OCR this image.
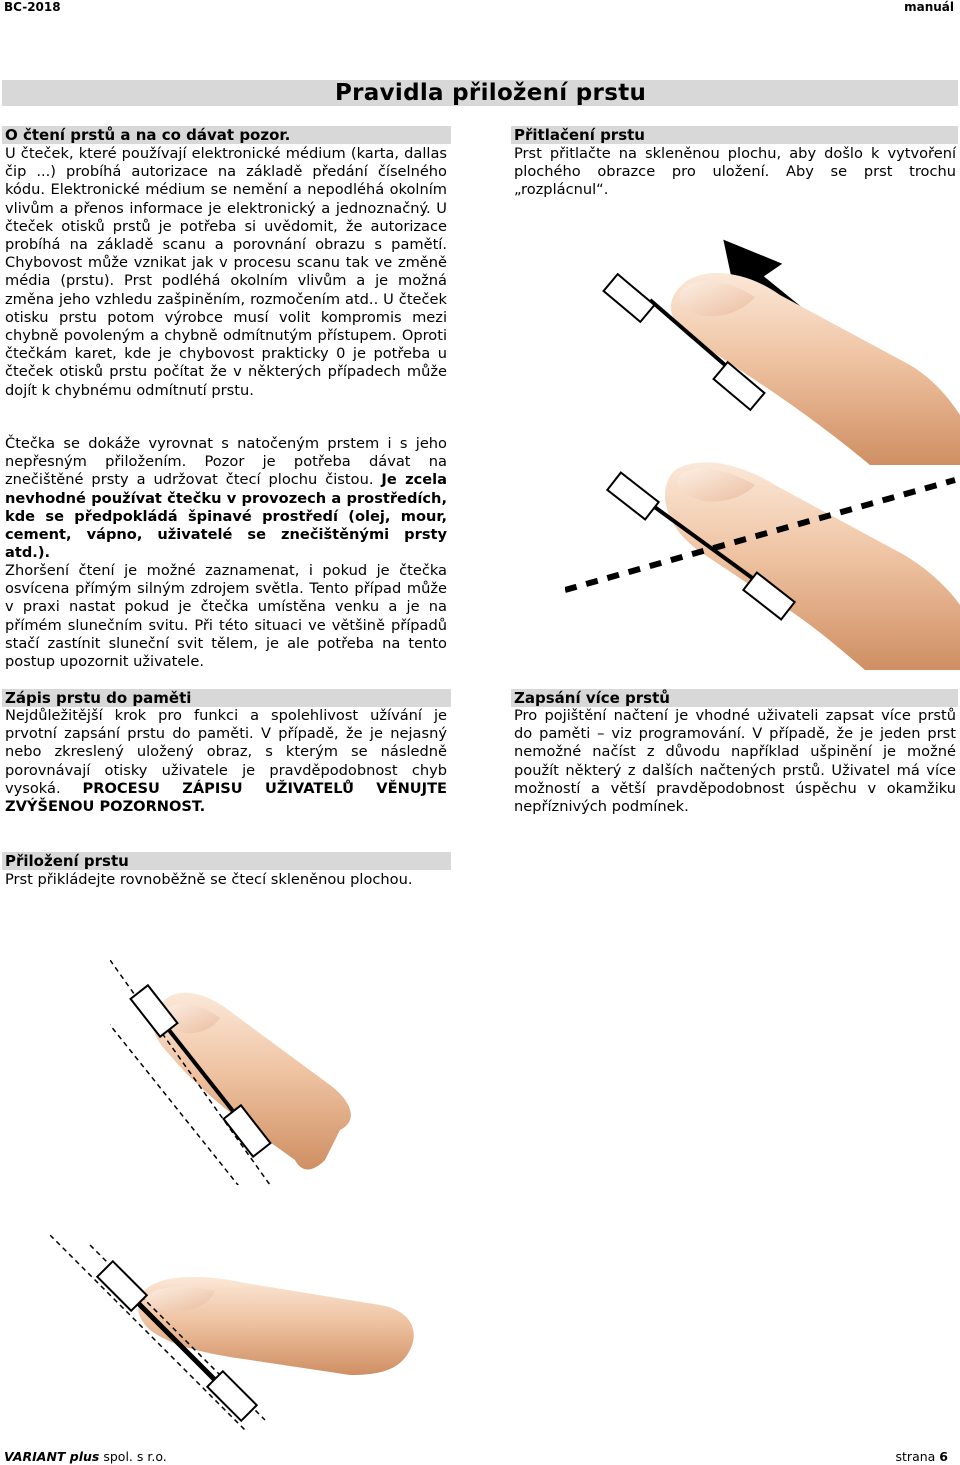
BC-2018	manuál
Pravidla přiložení prstu
O čtení prstů a na co dávat pozor.
U čteček, které používají elektronické médium (karta, dallas čip ...) probíhá autorizace na základě předání číselného kódu. Elektronické médium se nemění a nepodléhá okolním vlivům a přenos informace je elektronický a jednoznačný. U čteček otisků prstů je potřeba si uvědomit, že autorizace probíhá na základě scanu a porovnání obrazu s pamětí. Chybovost může vznikat jak v procesu scanu tak ve změně média (prstu). Prst podléhá okolním vlivům a je možná změna jeho vzhledu zašpiněním, rozmočením atd.. U čteček otisku prstu potom výrobce musí volit kompromis mezi chybně povoleným a chybně odmítnutým přístupem. Oproti čtečkám karet, kde je chybovost prakticky 0 je potřeba u čteček otisků prstu počítat že v některých případech může dojít k chybnému odmítnutí prstu.
Čtečka se dokáže vyrovnat s natočeným prstem i s jeho nepřesným přiložením. Pozor je potřeba dávat na znečištěné prsty a udržovat čtecí plochu čistou. Je zcela nevhodné používat čtečku v provozech a prostředích, kde se předpokládá špinavé prostředí (olej, mour, cement, vápno, uživatelé se znečištěnými prsty atd.).
Zhoršení čtení je možné zaznamenat, i pokud je čtečka osvícena přímým silným zdrojem světla. Tento případ může v praxi nastat pokud je čtečka umístěna venku a je na přímém slunečním svitu. Při této situaci ve většině případů stačí zastínit sluneční svit tělem, je ale potřeba na tento postup upozornit uživatele.
Přitlačení prstu
Prst přitlačte na skleněnou plochu, aby došlo k vytvoření plochého obrazce pro uložení. Aby se prst trochu „rozplácnul“.
Zápis prstu do paměti
Nejdůležitější krok pro funkci a spolehlivost užívání je prvotní zapsání prstu do paměti. V případě, že je nejasný nebo zkreslený uložený obraz, s kterým se následně porovnávají otisky uživatele je pravděpodobnost chyb vysoká. PROCESU ZÁPISU UŽIVATELŮ VĚNUJTE ZVÝŠENOU POZORNOST.
Zapsání více prstů
Pro pojištění načtení je vhodné uživateli zapsat více prstů do paměti – viz programování. V případě, že je jeden prst nemožné načíst z důvodu například ušpinění je možné použít některý z dalších načtených prstů. Uživatel má více možností a větší pravděpodobnost úspěchu v okamžiku nepříznivých podmínek.
Přiložení prstu
Prst přikládejte rovnoběžně se čtecí skleněnou plochou.
VARIANT plus spol. s r.o.	strana 6
